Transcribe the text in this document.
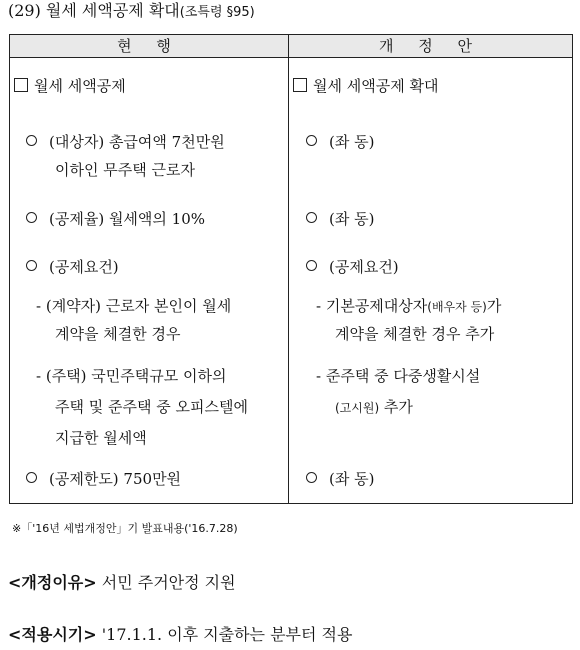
(29) 월세 세액공제 확대(조특령 §95)
현 행	개 정 안
월세 세액공제
(대상자) 총급여액 7천만원
이하인 무주택 근로자
(공제율) 월세액의 10%
(공제요건)
- (계약자) 근로자 본인이 월세
계약을 체결한 경우
- (주택) 국민주택규모 이하의
주택 및 준주택 중 오피스텔에
지급한 월세액
(공제한도) 750만원
월세 세액공제 확대
(좌 동)
(좌 동)
(공제요건)
- 기본공제대상자(배우자 등)가
계약을 체결한 경우 추가
- 준주택 중 다중생활시설
(고시원) 추가
(좌 동)
※「'16년 세법개정안」기 발표내용('16.7.28)
<개정이유> 서민 주거안정 지원
<적용시기> '17.1.1. 이후 지출하는 분부터 적용
